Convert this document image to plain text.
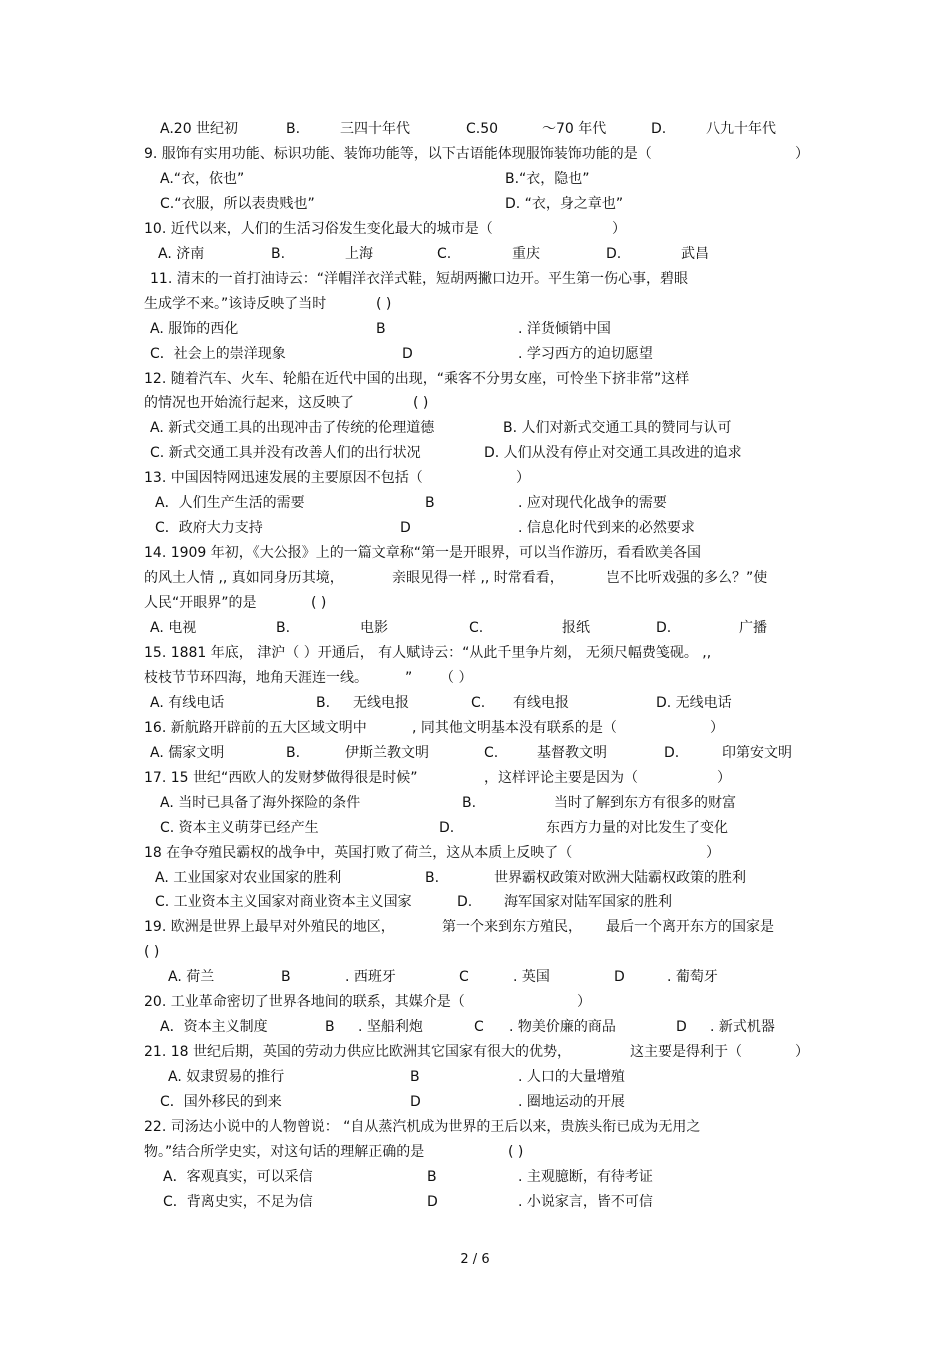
A.20 世纪初	B.	三四十年代	C.50	～70 年代	D.	八九十年代
9. 服饰有实用功能、标识功能、装饰功能等，以下古语能体现服饰装饰功能的是（	）
A.“衣，依也”	B.“衣，隐也”
C.“衣服，所以表贵贱也”	D. “衣，身之章也”
10. 近代以来，人们的生活习俗发生变化最大的城市是（	）
A. 济南	B.	上海	C.	重庆	D.	武昌
11. 清末的一首打油诗云：“洋帽洋衣洋式鞋，短胡两撇口边开。平生第一伤心事，碧眼
生成学不来。”该诗反映了当时	( )
A. 服饰的西化	B	. 洋货倾销中国
C．社会上的崇洋现象	D	. 学习西方的迫切愿望
12. 随着汽车、火车、轮船在近代中国的出现，“乘客不分男女座，可怜坐下挤非常”这样
的情况也开始流行起来，这反映了	( )
A. 新式交通工具的出现冲击了传统的伦理道德	B. 人们对新式交通工具的赞同与认可
C. 新式交通工具并没有改善人们的出行状况	D. 人们从没有停止对交通工具改进的追求
13. 中国因特网迅速发展的主要原因不包括（	）
A．人们生产生活的需要	B	. 应对现代化战争的需要
C．政府大力支持	D	. 信息化时代到来的必然要求
14. 1909 年初，《大公报》上的一篇文章称“第一是开眼界，可以当作游历，看看欧美各国
的风土人情 ,, 真如同身历其境，	亲眼见得一样 ,, 时常看看，	岂不比听戏强的多么？”使
人民“开眼界”的是	( )
A. 电视	B.	电影	C.	报纸	D.	广播
15. 1881 年底， 津沪（ ）开通后， 有人赋诗云：“从此千里争片刻， 无须尺幅费笺砚。 ,,
枝枝节节环四海，地角天涯连一线。	” （ ）
A. 有线电话	B. 无线电报	C. 有线电报	D. 无线电话
16. 新航路开辟前的五大区域文明中	, 同其他文明基本没有联系的是（	）
A. 儒家文明	B.	伊斯兰教文明	C.	基督教文明	D.	印第安文明
17. 15 世纪“西欧人的发财梦做得很是时候”	，这样评论主要是因为（	）
A. 当时已具备了海外探险的条件	B.	当时了解到东方有很多的财富
C. 资本主义萌芽已经产生	D.	东西方力量的对比发生了变化
18 在争夺殖民霸权的战争中，英国打败了荷兰，这从本质上反映了（	）
A. 工业国家对农业国家的胜利	B.	世界霸权政策对欧洲大陆霸权政策的胜利
C. 工业资本主义国家对商业资本主义国家	D. 海军国家对陆军国家的胜利
19. 欧洲是世界上最早对外殖民的地区，	第一个来到东方殖民， 最后一个离开东方的国家是
( )
A. 荷兰	B	. 西班牙	C	. 英国	D	. 葡萄牙
20. 工业革命密切了世界各地间的联系，其媒介是（	）
A．资本主义制度	B . 坚船利炮	C . 物美价廉的商品	D . 新式机器
21. 18 世纪后期，英国的劳动力供应比欧洲其它国家有很大的优势，	这主要是得利于（	）
A. 奴隶贸易的推行	B	. 人口的大量增殖
C．国外移民的到来	D	. 圈地运动的开展
22. 司汤达小说中的人物曾说： “自从蒸汽机成为世界的王后以来，贵族头衔已成为无用之
物。”结合所学史实，对这句话的理解正确的是	( )
A．客观真实，可以采信	B	. 主观臆断，有待考证
C．背离史实，不足为信	D	. 小说家言，皆不可信
2 / 6
